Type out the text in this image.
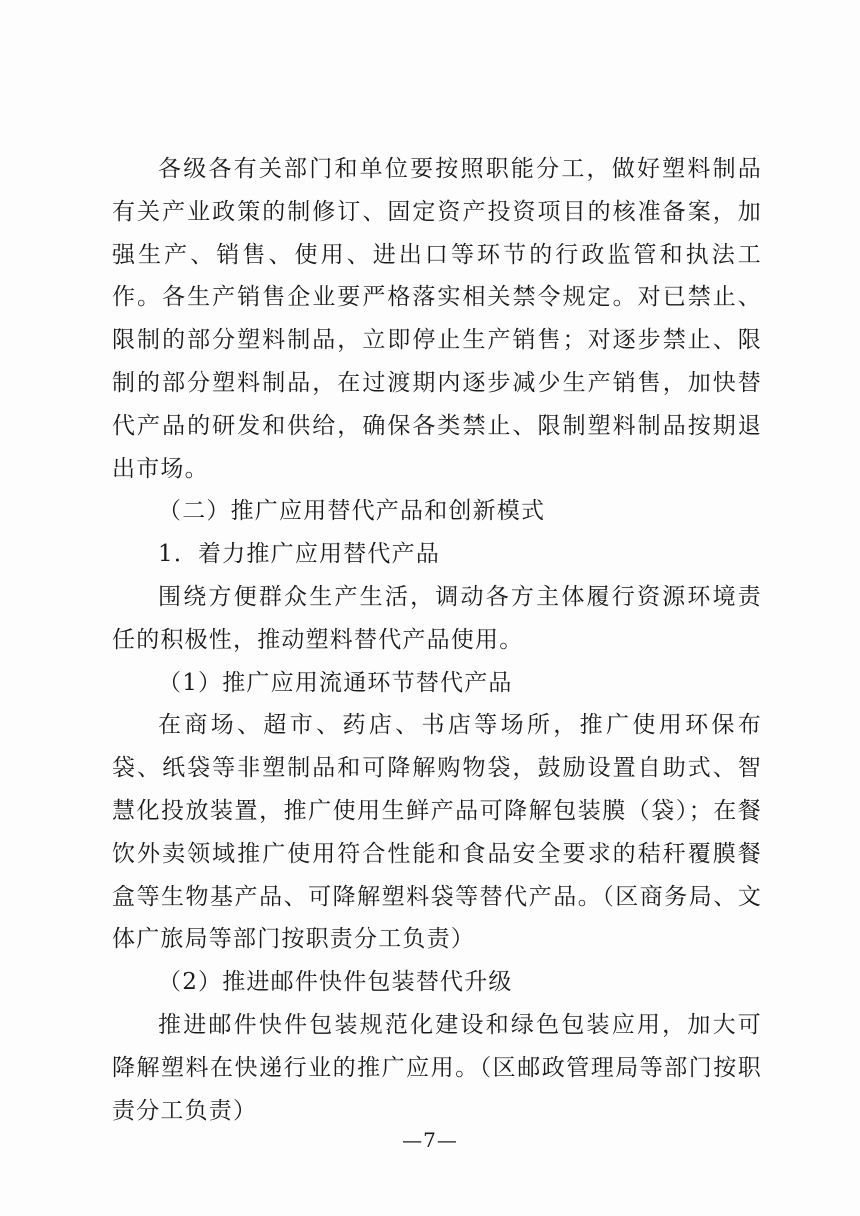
各级各有关部门和单位要按照职能分工，做好塑料制品有关产业政策的制修订、固定资产投资项目的核准备案，加强生产、销售、使用、进出口等环节的行政监管和执法工作。各生产销售企业要严格落实相关禁令规定。对已禁止、限制的部分塑料制品，立即停止生产销售；对逐步禁止、限制的部分塑料制品，在过渡期内逐步减少生产销售，加快替代产品的研发和供给，确保各类禁止、限制塑料制品按期退出市场。

（二）推广应用替代产品和创新模式

1．着力推广应用替代产品

围绕方便群众生产生活，调动各方主体履行资源环境责任的积极性，推动塑料替代产品使用。

（1）推广应用流通环节替代产品

在商场、超市、药店、书店等场所，推广使用环保布袋、纸袋等非塑制品和可降解购物袋，鼓励设置自助式、智慧化投放装置，推广使用生鲜产品可降解包装膜（袋）；在餐饮外卖领域推广使用符合性能和食品安全要求的秸秆覆膜餐盒等生物基产品、可降解塑料袋等替代产品。（区商务局、文体广旅局等部门按职责分工负责）

（2）推进邮件快件包装替代升级

推进邮件快件包装规范化建设和绿色包装应用，加大可降解塑料在快递行业的推广应用。（区邮政管理局等部门按职责分工负责）

—7—
